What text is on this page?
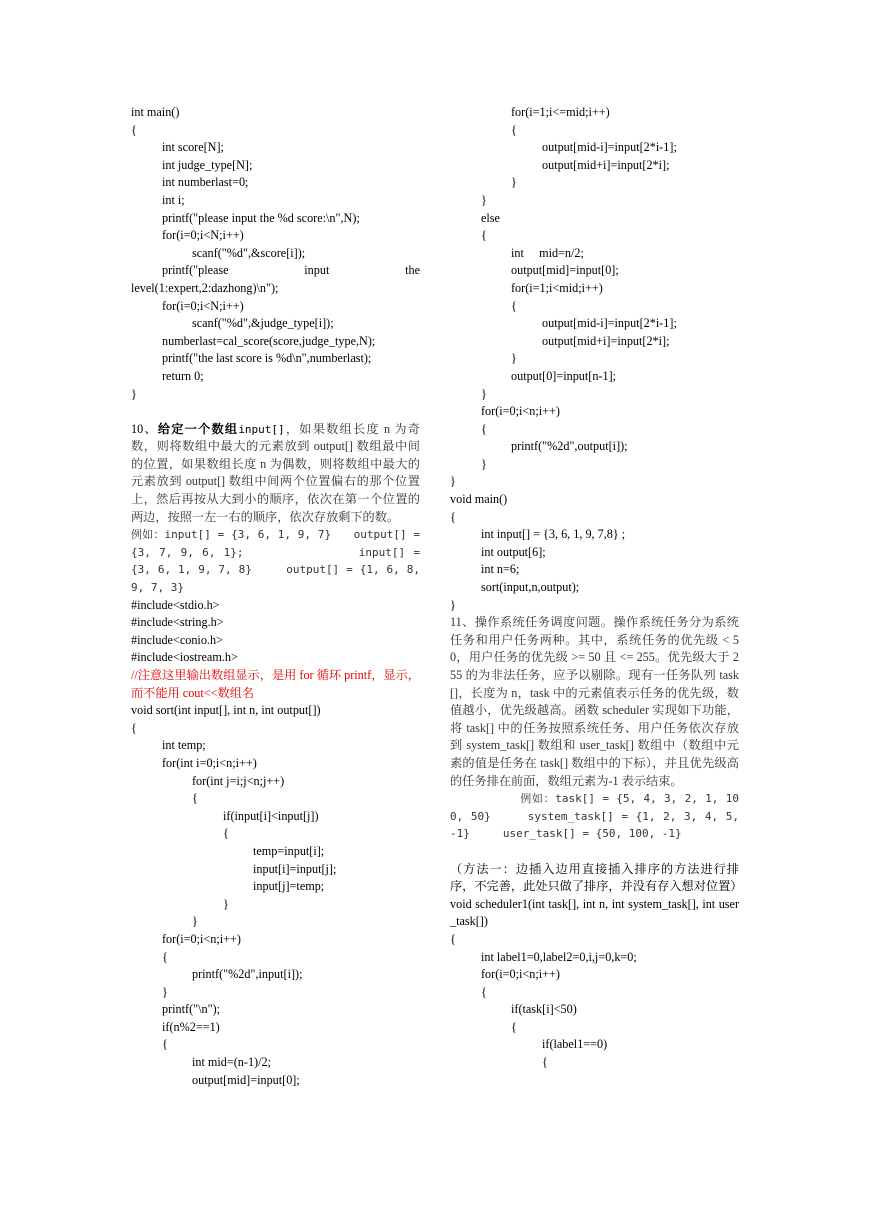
int main()
{
int score[N];
int judge_type[N];
int numberlast=0;
int i;
printf("please input the %d score:\n",N);
for(i=0;i<N;i++)
scanf("%d",&score[i]);
printf("please	input	the
level(1:expert,2:dazhong)\n");
for(i=0;i<N;i++)
scanf("%d",&judge_type[i]);
numberlast=cal_score(score,judge_type,N);
printf("the last score is %d\n",numberlast);
return 0;
}
10、给定一个数组input[]，如果数组长度 n 为奇数，则将数组中最大的元素放到 output[] 数组最中间的位置，如果数组长度 n 为偶数，则将数组中最大的元素放到 output[] 数组中间两个位置偏右的那个位置上，然后再按从大到小的顺序，依次在第一个位置的两边，按照一左一右的顺序，依次存放剩下的数。
例如：input[] = {3, 6, 1, 9, 7}　　output[] = {3, 7, 9, 6, 1};　　　　　　　　　input[] = {3, 6, 1, 9, 7, 8}　　　output[] = {1, 6, 8, 9, 7, 3}
#include<stdio.h>
#include<string.h>
#include<conio.h>
#include<iostream.h>
//注意这里输出数组显示，是用 for 循环 printf，显示，而不能用 cout<<数组名
void sort(int input[], int n, int output[])
{
int temp;
for(int i=0;i<n;i++)
for(int j=i;j<n;j++)
{
if(input[i]<input[j])
{
temp=input[i];
input[i]=input[j];
input[j]=temp;
}
}
for(i=0;i<n;i++)
{
printf("%2d",input[i]);
}
printf("\n");
if(n%2==1)
{
int mid=(n-1)/2;
output[mid]=input[0];
for(i=1;i<=mid;i++)
{
output[mid-i]=input[2*i-1];
output[mid+i]=input[2*i];
}
}
else
{
int     mid=n/2;
output[mid]=input[0];
for(i=1;i<mid;i++)
{
output[mid-i]=input[2*i-1];
output[mid+i]=input[2*i];
}
output[0]=input[n-1];
}
for(i=0;i<n;i++)
{
printf("%2d",output[i]);
}
}
void main()
{
int input[] = {3, 6, 1, 9, 7,8} ;
int output[6];
int n=6;
sort(input,n,output);
}
11、操作系统任务调度问题。操作系统任务分为系统任务和用户任务两种。其中，系统任务的优先级 < 50，用户任务的优先级 >= 50 且 <= 255。优先级大于 255 的为非法任务，应予以剔除。现有一任务队列 task[]，长度为 n，task 中的元素值表示任务的优先级，数值越小，优先级越高。函数 scheduler 实现如下功能，将 task[] 中的任务按照系统任务、用户任务依次存放到 system_task[] 数组和 user_task[] 数组中（数组中元素的值是任务在 task[] 数组中的下标），并且优先级高的任务排在前面，数组元素为-1 表示结束。
　　　　　　例如：task[] = {5, 4, 3, 2, 1, 100, 50}　　　system_task[] = {1, 2, 3, 4, 5, -1}　　　user_task[] = {50, 100, -1}
（方法一：边插入边用直接插入排序的方法进行排序，不完善，此处只做了排序，并没有存入想对位置）
void scheduler1(int task[], int n, int system_task[], int user_task[])
{
int label1=0,label2=0,i,j=0,k=0;
for(i=0;i<n;i++)
{
if(task[i]<50)
{
if(label1==0)
{
